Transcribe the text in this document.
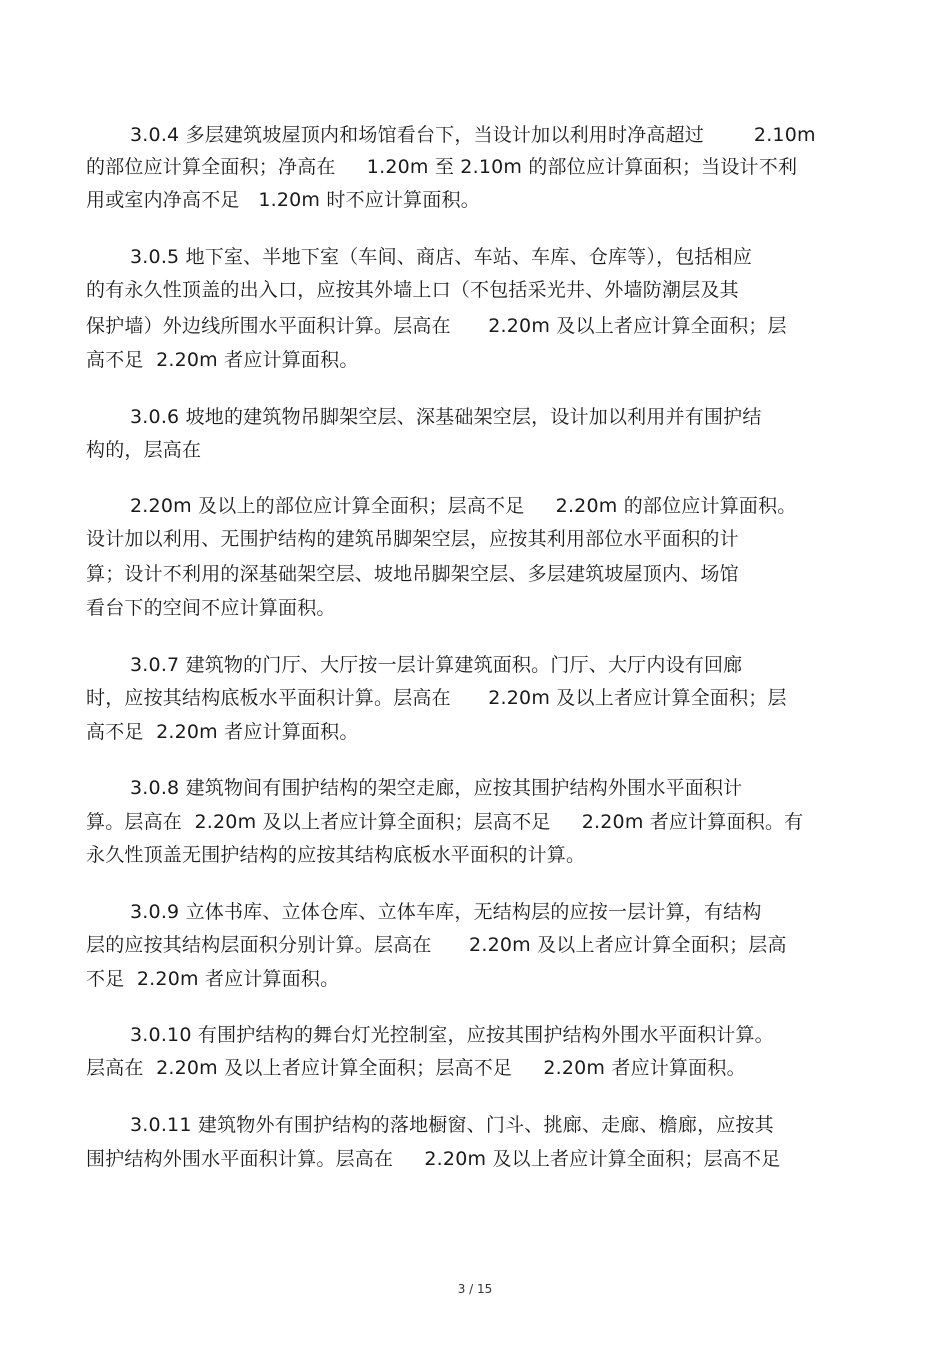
3.0.4 多层建筑坡屋顶内和场馆看台下，当设计加以利用时净高超过        2.10m
的部位应计算全面积；净高在     1.20m 至 2.10m 的部位应计算面积；当设计不利
用或室内净高不足   1.20m 时不应计算面积。
3.0.5 地下室、半地下室（车间、商店、车站、车库、仓库等），包括相应
的有永久性顶盖的出入口，应按其外墙上口（不包括采光井、外墙防潮层及其
保护墙）外边线所围水平面积计算。层高在      2.20m 及以上者应计算全面积；层
高不足  2.20m 者应计算面积。
3.0.6 坡地的建筑物吊脚架空层、深基础架空层，设计加以利用并有围护结
构的，层高在
2.20m 及以上的部位应计算全面积；层高不足     2.20m 的部位应计算面积。
设计加以利用、无围护结构的建筑吊脚架空层，应按其利用部位水平面积的计
算；设计不利用的深基础架空层、坡地吊脚架空层、多层建筑坡屋顶内、场馆
看台下的空间不应计算面积。
3.0.7 建筑物的门厅、大厅按一层计算建筑面积。门厅、大厅内设有回廊
时，应按其结构底板水平面积计算。层高在      2.20m 及以上者应计算全面积；层
高不足  2.20m 者应计算面积。
3.0.8 建筑物间有围护结构的架空走廊，应按其围护结构外围水平面积计
算。层高在  2.20m 及以上者应计算全面积；层高不足     2.20m 者应计算面积。有
永久性顶盖无围护结构的应按其结构底板水平面积的计算。
3.0.9 立体书库、立体仓库、立体车库，无结构层的应按一层计算，有结构
层的应按其结构层面积分别计算。层高在      2.20m 及以上者应计算全面积；层高
不足  2.20m 者应计算面积。
3.0.10 有围护结构的舞台灯光控制室，应按其围护结构外围水平面积计算。
层高在  2.20m 及以上者应计算全面积；层高不足     2.20m 者应计算面积。
3.0.11 建筑物外有围护结构的落地橱窗、门斗、挑廊、走廊、檐廊，应按其
围护结构外围水平面积计算。层高在     2.20m 及以上者应计算全面积；层高不足
3 / 15
